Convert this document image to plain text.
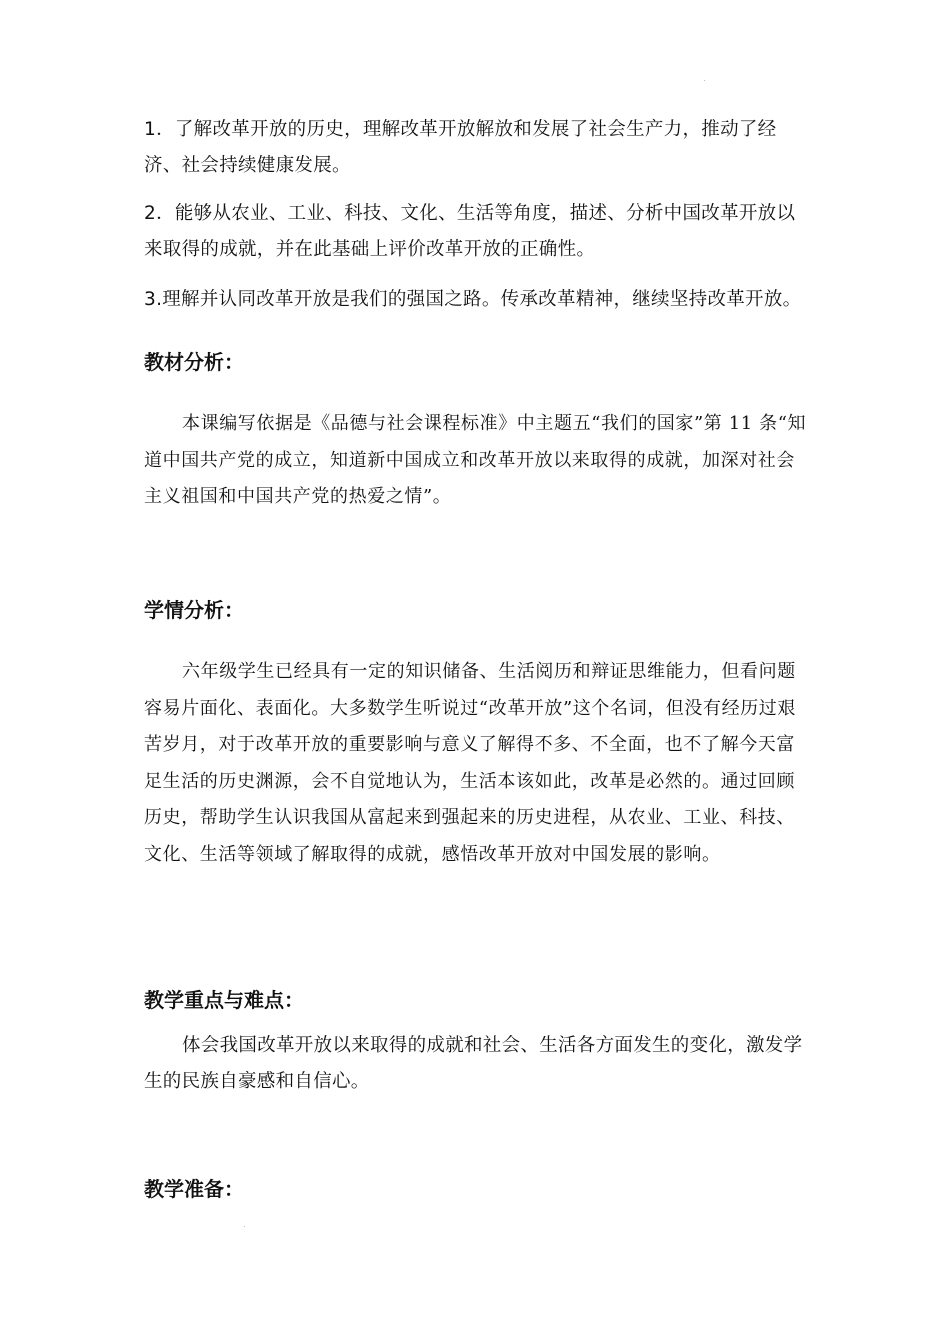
1．了解改革开放的历史，理解改革开放解放和发展了社会生产力，推动了经济、社会持续健康发展。

2．能够从农业、工业、科技、文化、生活等角度，描述、分析中国改革开放以来取得的成就，并在此基础上评价改革开放的正确性。

3.理解并认同改革开放是我们的强国之路。传承改革精神，继续坚持改革开放。

教材分析：

本课编写依据是《品德与社会课程标准》中主题五“我们的国家”第 11 条“知道中国共产党的成立，知道新中国成立和改革开放以来取得的成就，加深对社会主义祖国和中国共产党的热爱之情”。

学情分析：

六年级学生已经具有一定的知识储备、生活阅历和辩证思维能力，但看问题容易片面化、表面化。大多数学生听说过“改革开放”这个名词，但没有经历过艰苦岁月，对于改革开放的重要影响与意义了解得不多、不全面，也不了解今天富足生活的历史渊源，会不自觉地认为，生活本该如此，改革是必然的。通过回顾历史，帮助学生认识我国从富起来到强起来的历史进程，从农业、工业、科技、文化、生活等领域了解取得的成就，感悟改革开放对中国发展的影响。

教学重点与难点：

体会我国改革开放以来取得的成就和社会、生活各方面发生的变化，激发学生的民族自豪感和自信心。

教学准备：
